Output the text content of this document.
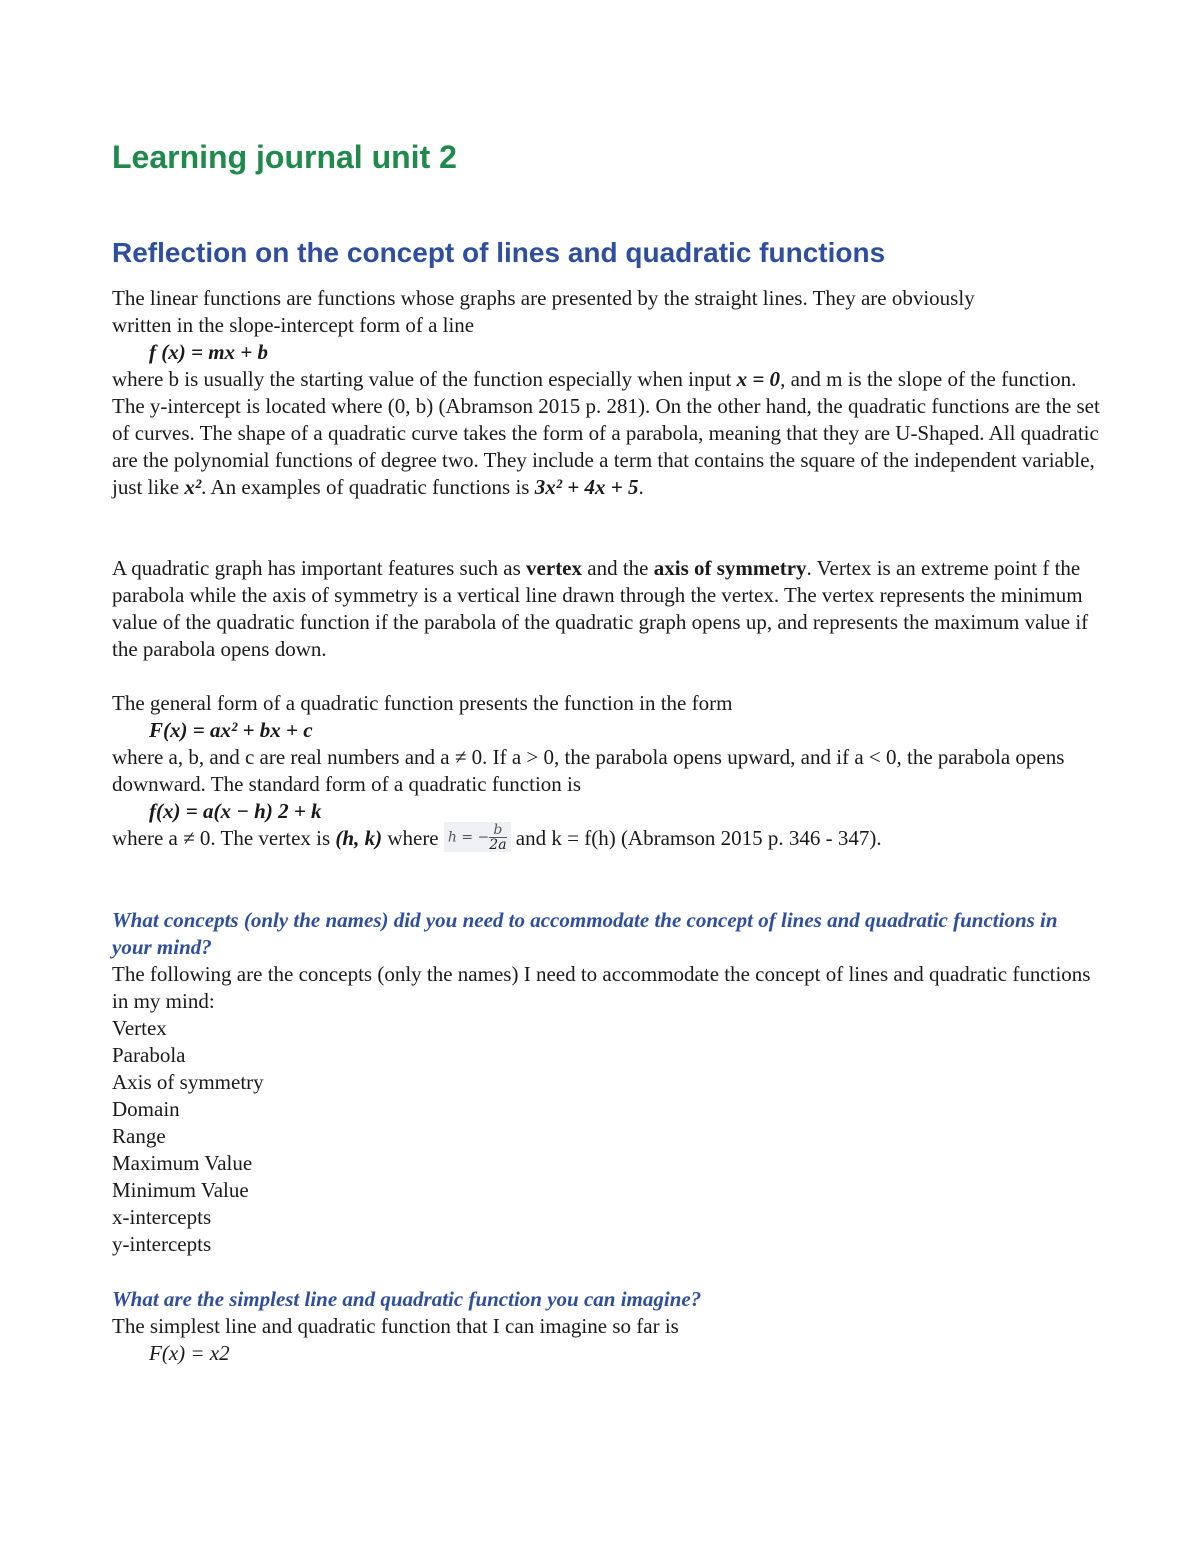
Learning journal unit 2
Reflection on the concept of lines and quadratic functions

The linear functions are functions whose graphs are presented by the straight lines. They are obviously

written in the slope-intercept form of a line

f (x) = mx + b

where b is usually the starting value of the function especially when input x = 0, and m is the slope of the function. The y-intercept is located where (0, b) (Abramson 2015 p. 281). On the other hand, the quadratic functions are the set of curves. The shape of a quadratic curve takes the form of a parabola, meaning that they are U-Shaped. All quadratic are the polynomial functions of degree two. They include a term that contains the square of the independent variable, just like x². An examples of quadratic functions is 3x² + 4x + 5.

A quadratic graph has important features such as vertex and the axis of symmetry. Vertex is an extreme point f the parabola while the axis of symmetry is a vertical line drawn through the vertex. The vertex represents the minimum value of the quadratic function if the parabola of the quadratic graph opens up, and represents the maximum value if the parabola opens down.

The general form of a quadratic function presents the function in the form

F(x) = ax² + bx + c

where a, b, and c are real numbers and a ≠ 0. If a > 0, the parabola opens upward, and if a < 0, the parabola opens downward. The standard form of a quadratic function is

f(x) = a(x − h) 2 + k

where a ≠ 0. The vertex is (h, k) where h = − $\frac{b}{2a}$ and k = f(h) (Abramson 2015 p. 346 - 347).

What concepts (only the names) did you need to accommodate the concept of lines and quadratic functions in your mind?

The following are the concepts (only the names) I need to accommodate the concept of lines and quadratic functions in my mind:

Vertex

Parabola

Axis of symmetry

Domain

Range

Maximum Value

Minimum Value

x-intercepts

y-intercepts

What are the simplest line and quadratic function you can imagine?

The simplest line and quadratic function that I can imagine so far is

F(x) = x2
